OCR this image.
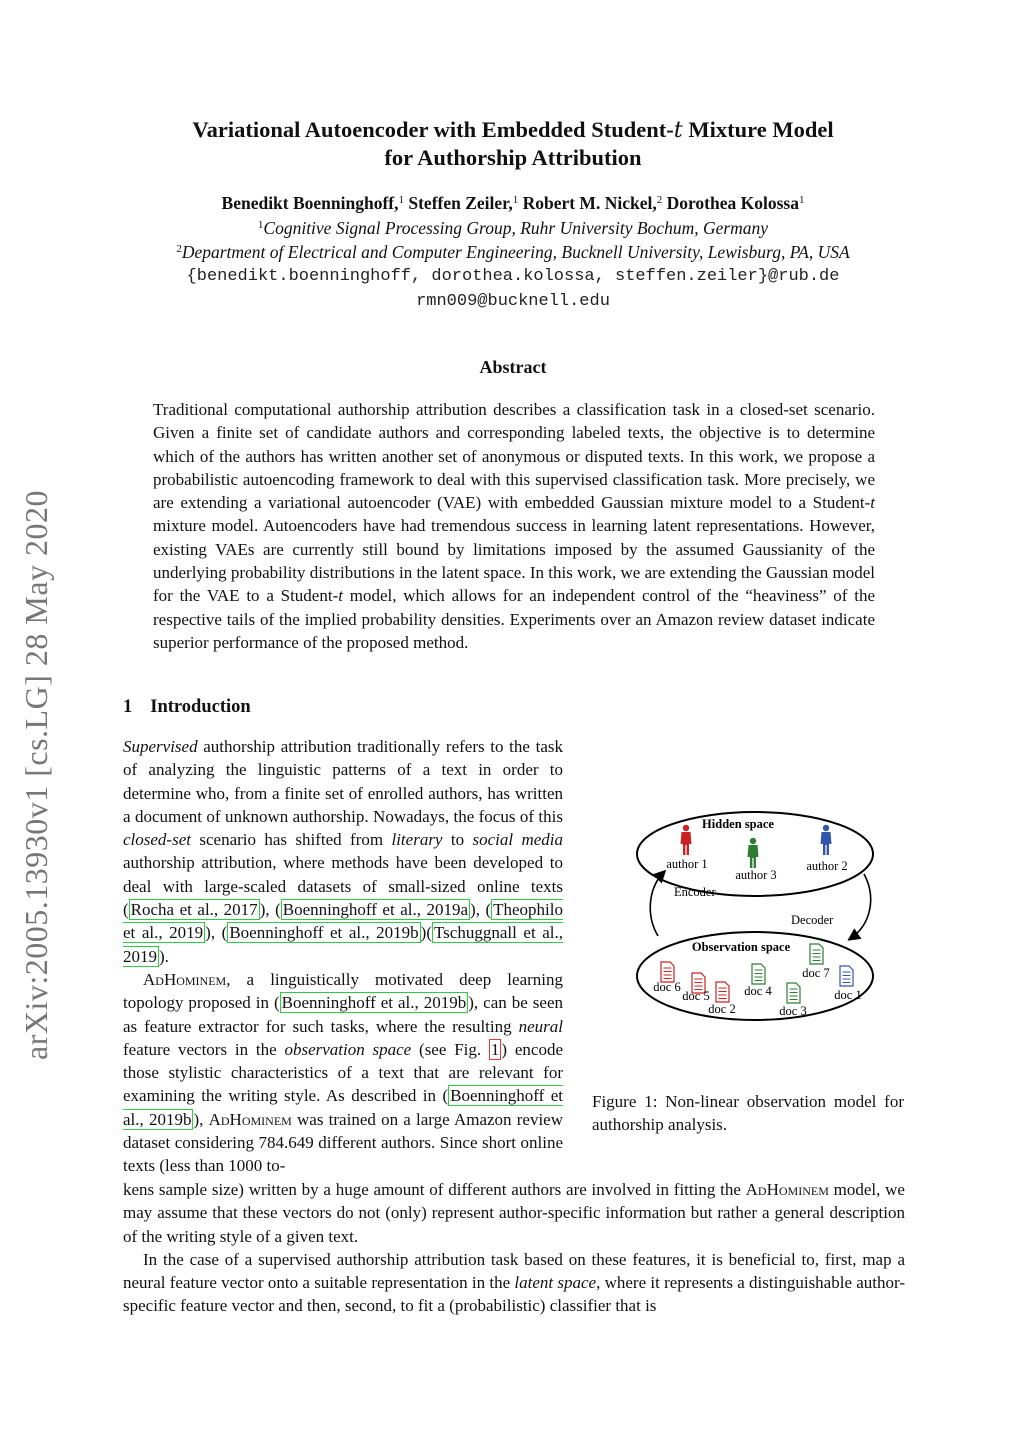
arXiv:2005.13930v1 [cs.LG] 28 May 2020
Variational Autoencoder with Embedded Student-t Mixture Model
for Authorship Attribution
Benedikt Boenninghoff,$^1$ Steffen Zeiler,$^1$ Robert M. Nickel,$^2$ Dorothea Kolossa$^1$
$^1$Cognitive Signal Processing Group, Ruhr University Bochum, Germany
$^2$Department of Electrical and Computer Engineering, Bucknell University, Lewisburg, PA, USA
{benedikt.boenninghoff, dorothea.kolossa, steffen.zeiler}@rub.de
rmn009@bucknell.edu
Abstract
Traditional computational authorship attribution describes a classification task in a closed-set scenario. Given a finite set of candidate authors and corresponding labeled texts, the objective is to determine which of the authors has written another set of anonymous or disputed texts. In this work, we propose a probabilistic autoencoding framework to deal with this supervised classification task. More precisely, we are extending a variational autoencoder (VAE) with embedded Gaussian mixture model to a Student-t mixture model. Autoencoders have had tremendous success in learning latent representations. However, existing VAEs are currently still bound by limitations imposed by the assumed Gaussianity of the underlying probability distributions in the latent space. In this work, we are extending the Gaussian model for the VAE to a Student-t model, which allows for an independent control of the “heaviness” of the respective tails of the implied probability densities. Experiments over an Amazon review dataset indicate superior performance of the proposed method.
1 Introduction

Supervised authorship attribution traditionally refers to the task of analyzing the linguistic patterns of a text in order to determine who, from a finite set of enrolled authors, has written a document of unknown authorship. Nowadays, the focus of this closed-set scenario has shifted from literary to social media authorship attribution, where methods have been developed to deal with large-scaled datasets of small-sized online texts ( Rocha et al., 2017 ), ( Boenninghoff et al., 2019a ), ( Theophilo et al., 2019 ), ( Boenninghoff et al., 2019b )( Tschuggnall et al., 2019 ).

AdHominem, a linguistically motivated deep learning topology proposed in ( Boenninghoff et al., 2019b ), can be seen as feature extractor for such tasks, where the resulting neural feature vectors in the observation space (see Fig. 1 ) encode those stylistic characteristics of a text that are relevant for examining the writing style. As described in ( Boenninghoff et al., 2019b ), AdHominem was trained on a large Amazon review dataset considering 784.649 different authors. Since short online texts (less than 1000 to-

kens sample size) written by a huge amount of different authors are involved in fitting the AdHominem model, we may assume that these vectors do not (only) represent author-specific information but rather a general description of the writing style of a given text.

In the case of a supervised authorship attribution task based on these features, it is beneficial to, first, map a neural feature vector onto a suitable representation in the latent space, where it represents a distinguishable author-specific feature vector and then, second, to fit a (probabilistic) classifier that is

Hidden space
author 1
author 3
author 2
Observation space
Encoder
Decoder
doc 6
doc 5
doc 2
doc 4
doc 3
doc 7
doc 1
Figure 1: Non-linear observation model for authorship analysis.
